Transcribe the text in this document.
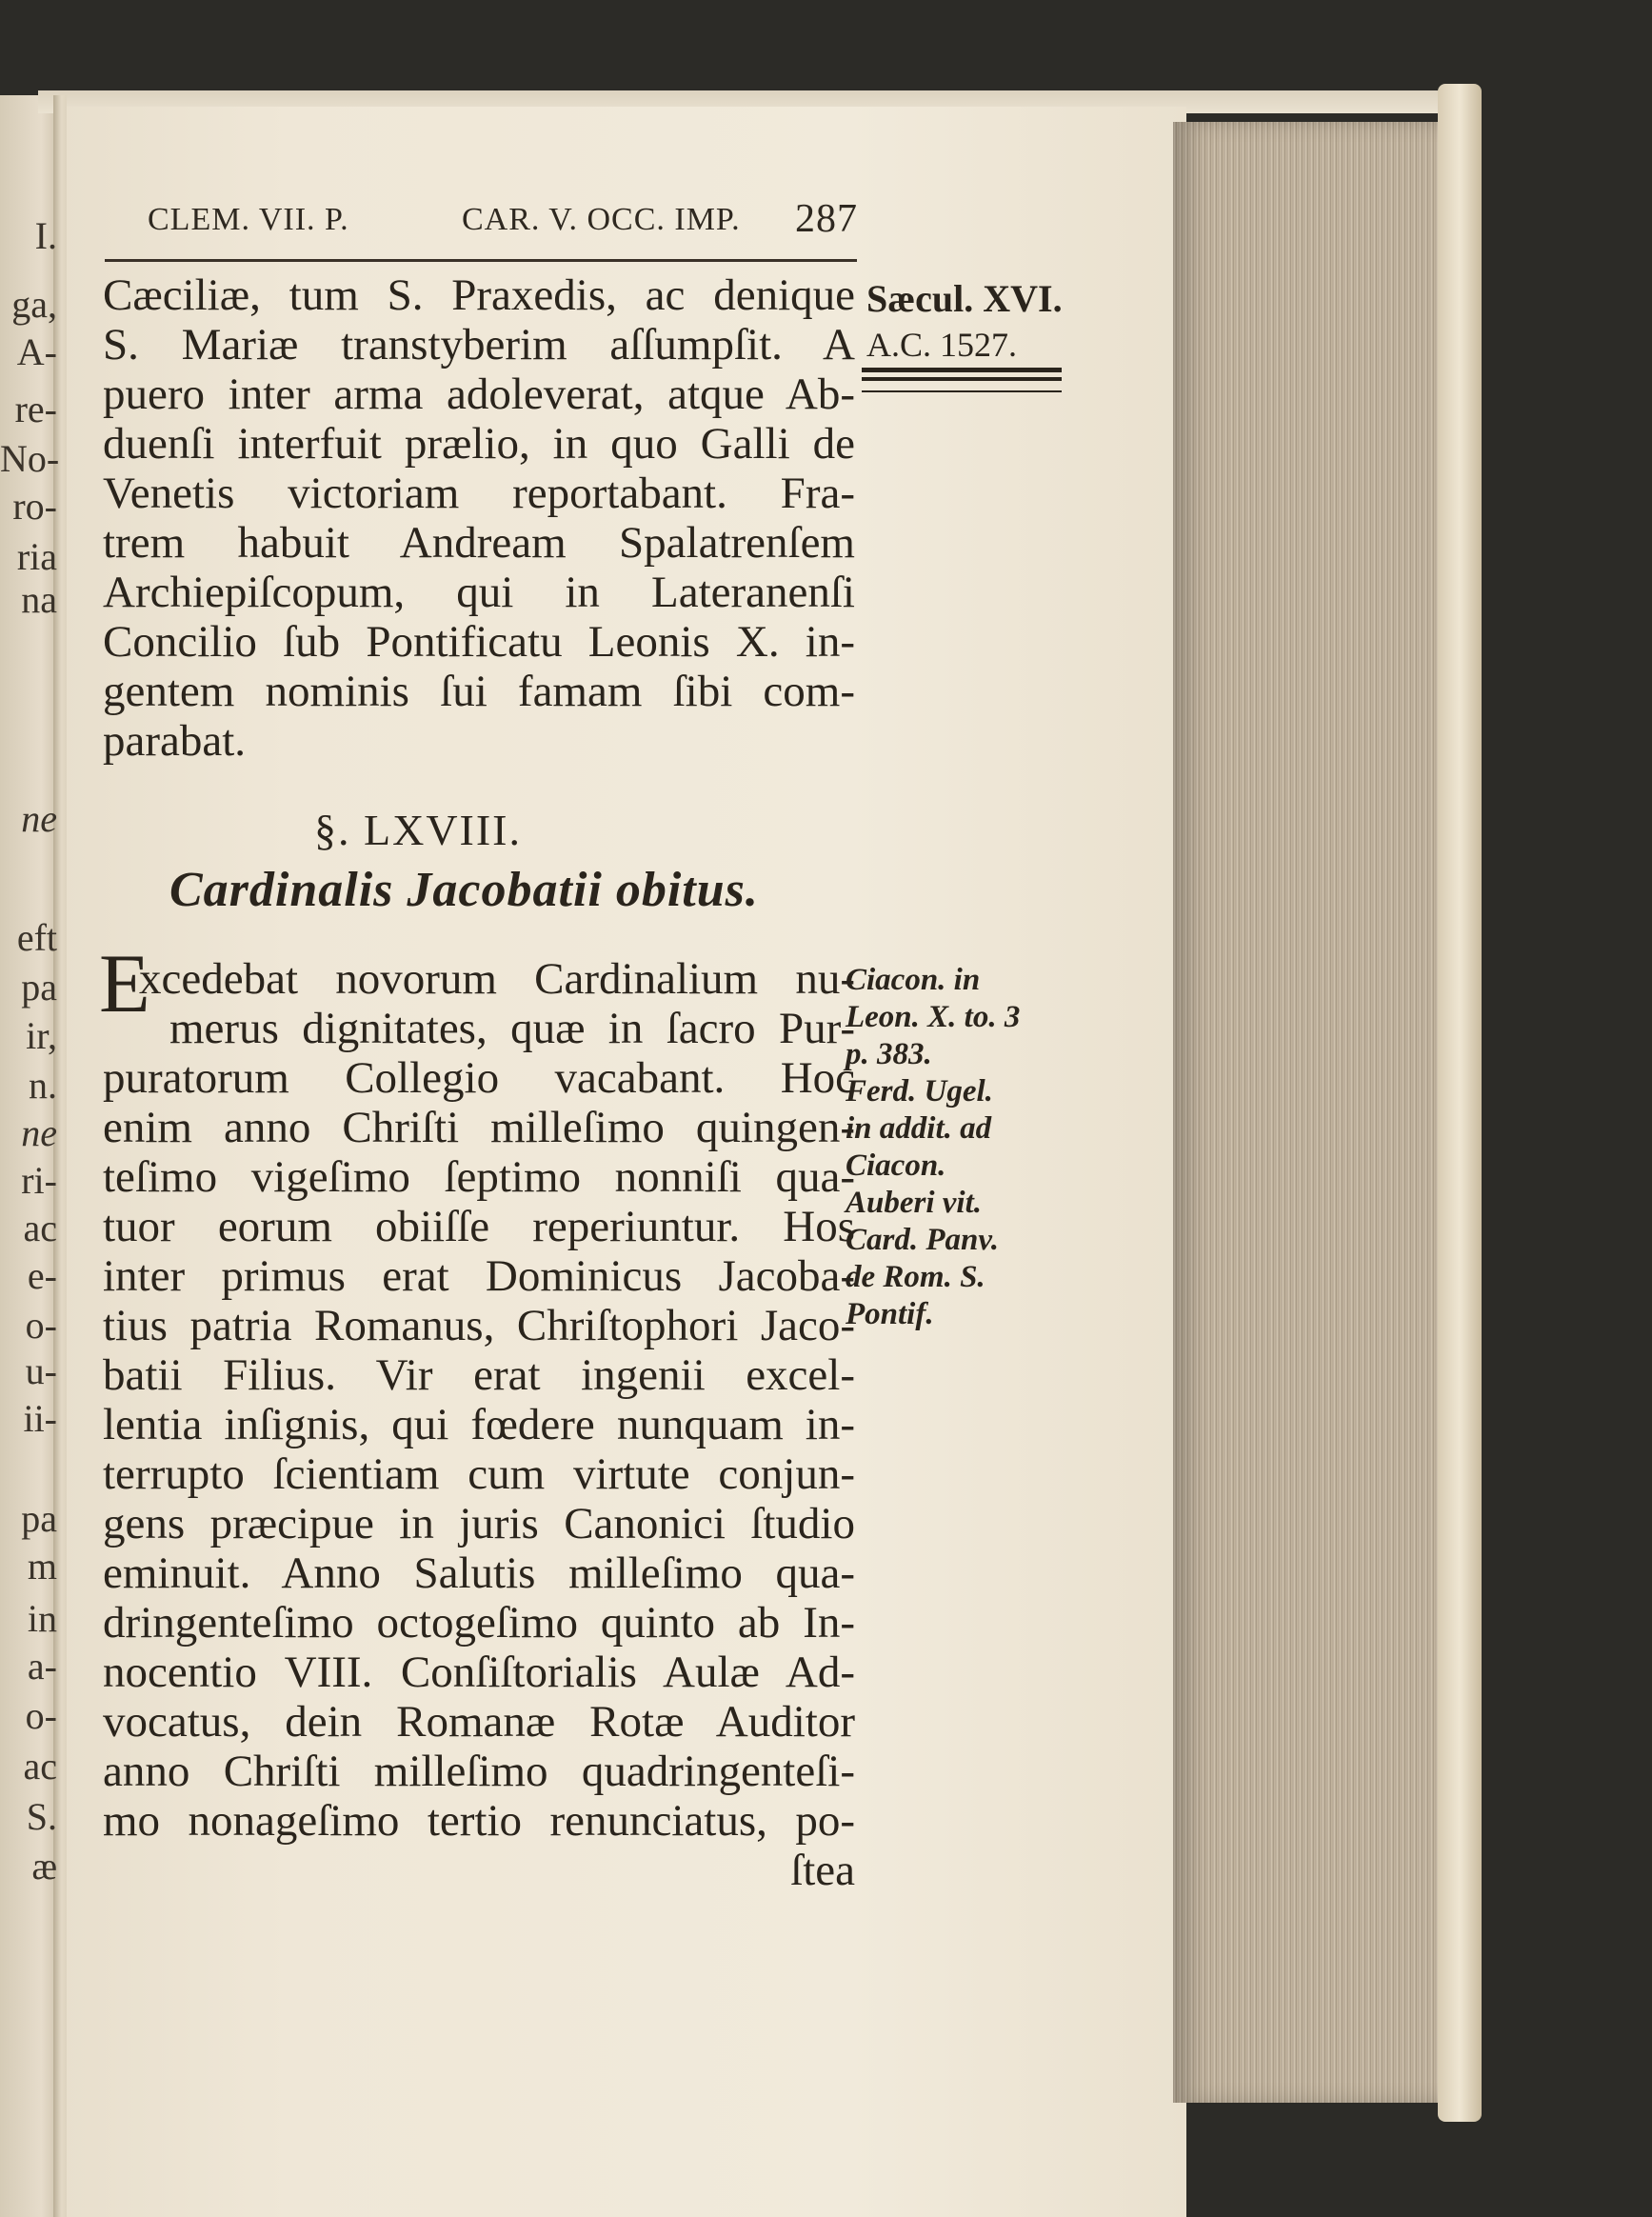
I.
ga,
A-
re-
No-
ro-
ria
na
ne
eft
pa
ir,
n.
ne
ri-
ac
e-
o-
u-
ii-
pa
m
in
a-
o-
ac
S.
æ
CLEM. VII. P.	CAR. V. OCC. IMP. 287
Sæcul. XVI.
A.C. 1527.
Cæciliæ, tum S. Praxedis, ac denique
S. Mariæ transtyberim aſſumpſit. A
puero inter arma adoleverat, atque Ab-
duenſi interfuit prælio, in quo Galli de
Venetis victoriam reportabant. Fra-
trem habuit Andream Spalatrenſem
Archiepiſcopum, qui in Lateranenſi
Concilio ſub Pontificatu Leonis X. in-
gentem nominis ſui famam ſibi com-
parabat.
§. LXVIII.
Cardinalis Jacobatii obitus.
E
xcedebat novorum Cardinalium nu-
merus dignitates, quæ in ſacro Pur-
puratorum Collegio vacabant. Hoc
enim anno Chriſti milleſimo quingen-
teſimo vigeſimo ſeptimo nonniſi qua-
tuor eorum obiiſſe reperiuntur. Hos
inter primus erat Dominicus Jacoba-
tius patria Romanus, Chriſtophori Jaco-
batii Filius. Vir erat ingenii excel-
lentia inſignis, qui fœdere nunquam in-
terrupto ſcientiam cum virtute conjun-
gens præcipue in juris Canonici ſtudio
eminuit. Anno Salutis milleſimo qua-
dringenteſimo octogeſimo quinto ab In-
nocentio VIII. Conſiſtorialis Aulæ Ad-
vocatus, dein Romanæ Rotæ Auditor
anno Chriſti milleſimo quadringenteſi-
mo nonageſimo tertio renunciatus, po-
ſtea
Ciacon. in
Leon. X. to. 3
p. 383.
Ferd. Ugel.
in addit. ad
Ciacon.
Auberi vit.
Card. Panv.
de Rom. S.
Pontif.
